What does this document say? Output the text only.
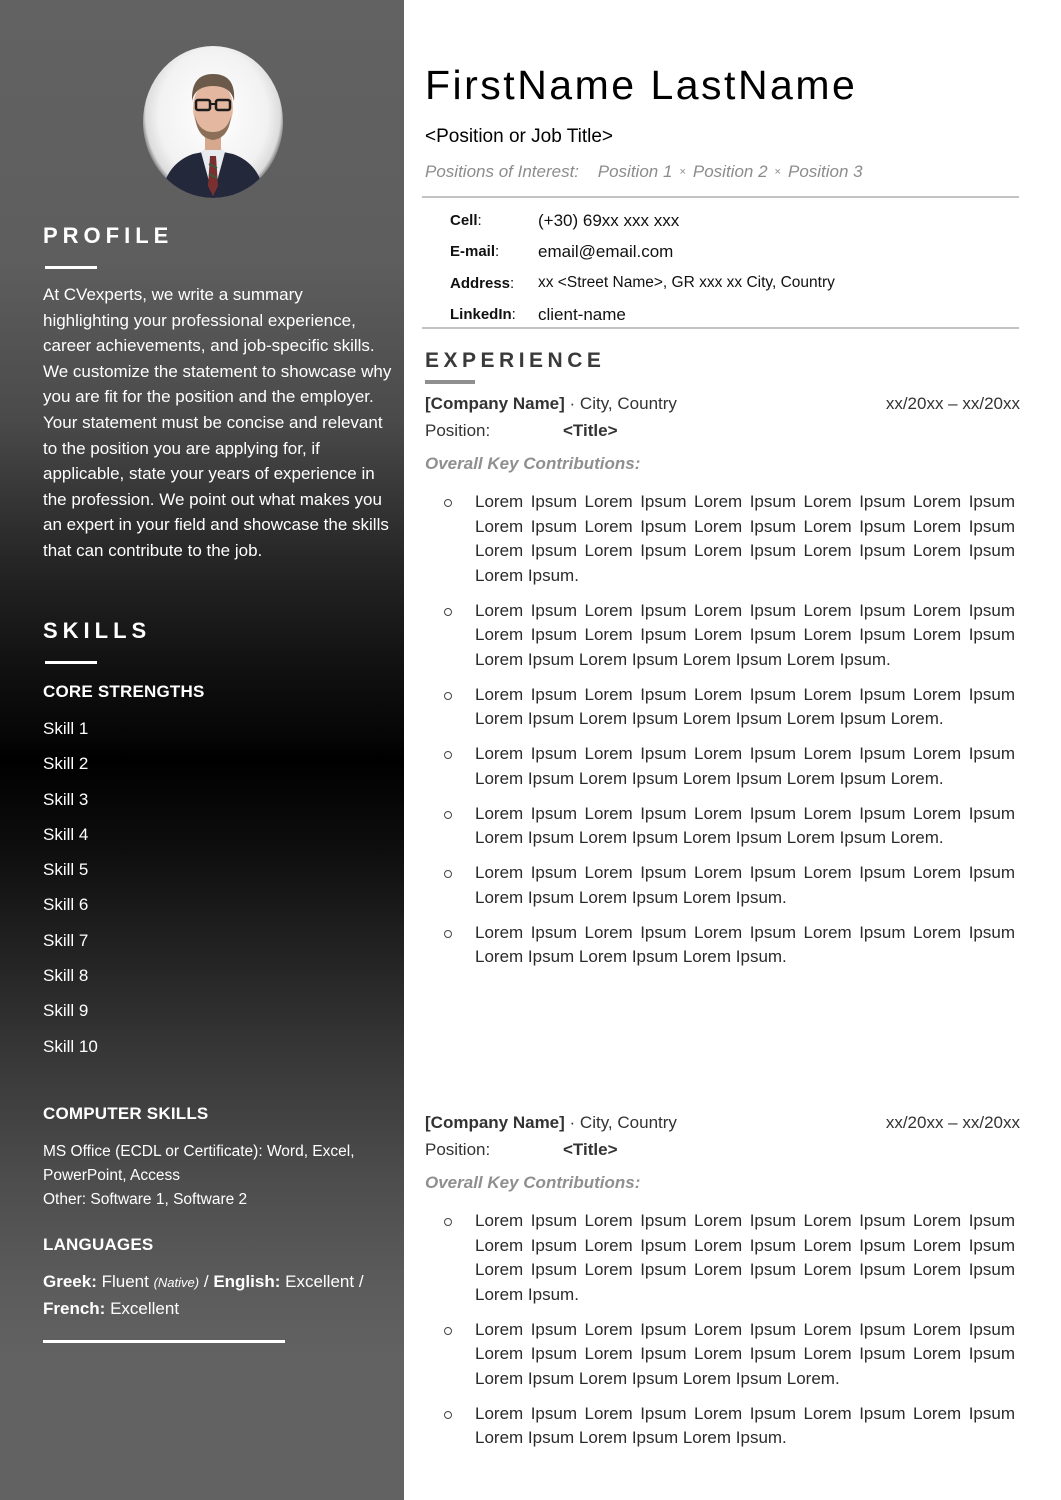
PROFILE

At CVexperts, we write a summary highlighting your professional experience, career achievements, and job-specific skills. We customize the statement to showcase why you are fit for the position and the employer. Your statement must be concise and relevant to the position you are applying for, if applicable, state your years of experience in the profession. We point out what makes you an expert in your field and showcase the skills that can contribute to the job.

SKILLS
CORE STRENGTHS
Skill 1
Skill 2
Skill 3
Skill 4
Skill 5
Skill 6
Skill 7
Skill 8
Skill 9
Skill 10
COMPUTER SKILLS
MS Office (ECDL or Certificate): Word, Excel, PowerPoint, Access
Other: Software 1, Software 2
LANGUAGES
Greek: Fluent (Native) / English: Excellent /
French: Excellent
FirstName LastName
<Position or Job Title>
Positions of Interest: Position 1 × Position 2 × Position 3
Cell:	(+30) 69xx xxx xxx
E-mail:	email@email.com
Address:	xx <Street Name>, GR xxx xx City, Country
LinkedIn:	client-name
EXPERIENCE
[Company Name] · City, Country	xx/20xx – xx/20xx
Position:	<Title>
Overall Key Contributions:
Lorem Ipsum Lorem Ipsum Lorem Ipsum Lorem Ipsum Lorem Ipsum Lorem Ipsum Lorem Ipsum Lorem Ipsum Lorem Ipsum Lorem Ipsum Lorem Ipsum Lorem Ipsum Lorem Ipsum Lorem Ipsum Lorem Ipsum Lorem Ipsum.
Lorem Ipsum Lorem Ipsum Lorem Ipsum Lorem Ipsum Lorem Ipsum Lorem Ipsum Lorem Ipsum Lorem Ipsum Lorem Ipsum Lorem Ipsum Lorem Ipsum Lorem Ipsum Lorem Ipsum Lorem Ipsum.
Lorem Ipsum Lorem Ipsum Lorem Ipsum Lorem Ipsum Lorem Ipsum Lorem Ipsum Lorem Ipsum Lorem Ipsum Lorem Ipsum Lorem.
Lorem Ipsum Lorem Ipsum Lorem Ipsum Lorem Ipsum Lorem Ipsum Lorem Ipsum Lorem Ipsum Lorem Ipsum Lorem Ipsum Lorem.
Lorem Ipsum Lorem Ipsum Lorem Ipsum Lorem Ipsum Lorem Ipsum Lorem Ipsum Lorem Ipsum Lorem Ipsum Lorem Ipsum Lorem.
Lorem Ipsum Lorem Ipsum Lorem Ipsum Lorem Ipsum Lorem Ipsum Lorem Ipsum Lorem Ipsum Lorem Ipsum.
Lorem Ipsum Lorem Ipsum Lorem Ipsum Lorem Ipsum Lorem Ipsum Lorem Ipsum Lorem Ipsum Lorem Ipsum.
[Company Name] · City, Country	xx/20xx – xx/20xx
Position:	<Title>
Overall Key Contributions:
Lorem Ipsum Lorem Ipsum Lorem Ipsum Lorem Ipsum Lorem Ipsum Lorem Ipsum Lorem Ipsum Lorem Ipsum Lorem Ipsum Lorem Ipsum Lorem Ipsum Lorem Ipsum Lorem Ipsum Lorem Ipsum Lorem Ipsum Lorem Ipsum.
Lorem Ipsum Lorem Ipsum Lorem Ipsum Lorem Ipsum Lorem Ipsum Lorem Ipsum Lorem Ipsum Lorem Ipsum Lorem Ipsum Lorem Ipsum Lorem Ipsum Lorem Ipsum Lorem Ipsum Lorem.
Lorem Ipsum Lorem Ipsum Lorem Ipsum Lorem Ipsum Lorem Ipsum Lorem Ipsum Lorem Ipsum Lorem Ipsum.
